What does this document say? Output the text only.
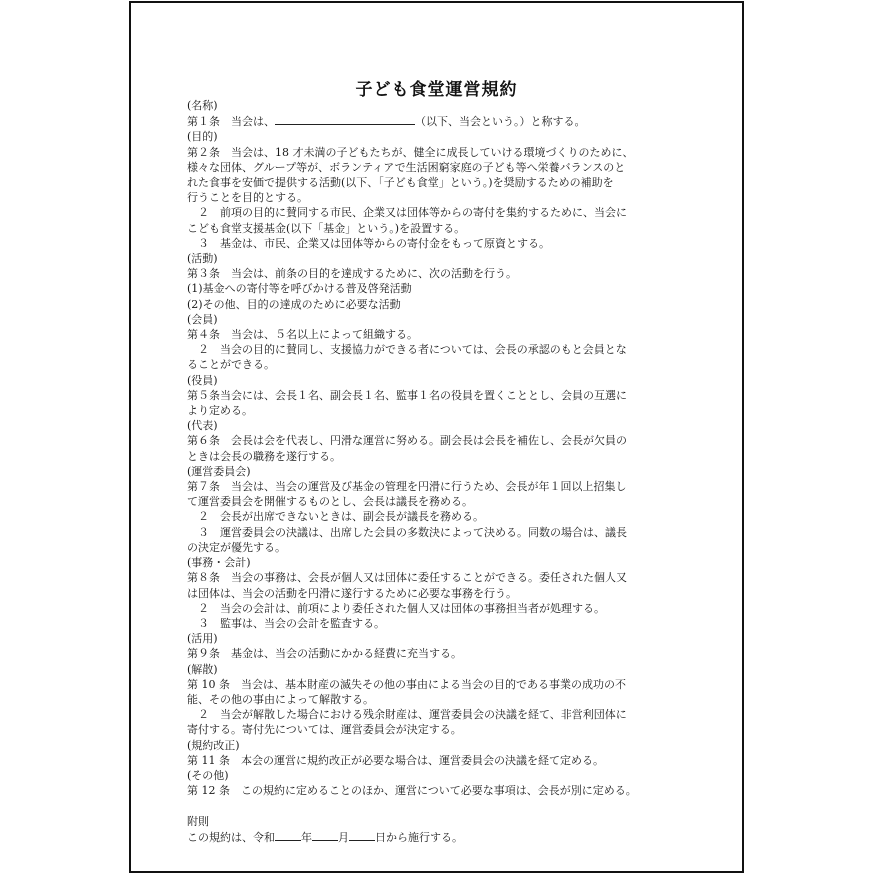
子ども食堂運営規約
(名称)
第１条　当会は、	（以下、当会という。）と称する。
(目的)
第２条　当会は、18 才未満の子どもたちが、健全に成長していける環境づくりのために、
様々な団体、グループ等が、ボランティアで生活困窮家庭の子ども等へ栄養バランスのと
れた食事を安価で提供する活動(以下、「子ども食堂」という。)を奨励するための補助を
行うことを目的とする。
　２　前項の目的に賛同する市民、企業又は団体等からの寄付を集約するために、当会に
こども食堂支援基金(以下「基金」という。)を設置する。
　３　基金は、市民、企業又は団体等からの寄付金をもって原資とする。
(活動)
第３条　当会は、前条の目的を達成するために、次の活動を行う。
(1)基金への寄付等を呼びかける普及啓発活動
(2)その他、目的の達成のために必要な活動
(会員)
第４条　当会は、５名以上によって組織する。
　２　当会の目的に賛同し、支援協力ができる者については、会長の承認のもと会員とな
ることができる。
(役員)
第５条当会には、会長１名、副会長１名、監事１名の役員を置くこととし、会員の互選に
より定める。
(代表)
第６条　会長は会を代表し、円滑な運営に努める。副会長は会長を補佐し、会長が欠員の
ときは会長の職務を遂行する。
(運営委員会)
第７条　当会は、当会の運営及び基金の管理を円滑に行うため、会長が年１回以上招集し
て運営委員会を開催するものとし、会長は議長を務める。
　２　会長が出席できないときは、副会長が議長を務める。
　３　運営委員会の決議は、出席した会員の多数決によって決める。同数の場合は、議長
の決定が優先する。
(事務・会計)
第８条　当会の事務は、会長が個人又は団体に委任することができる。委任された個人又
は団体は、当会の活動を円滑に遂行するために必要な事務を行う。
　２　当会の会計は、前項により委任された個人又は団体の事務担当者が処理する。
　３　監事は、当会の会計を監査する。
(活用)
第９条　基金は、当会の活動にかかる経費に充当する。
(解散)
第 10 条　当会は、基本財産の滅失その他の事由による当会の目的である事業の成功の不
能、その他の事由によって解散する。
　２　当会が解散した場合における残余財産は、運営委員会の決議を経て、非営利団体に
寄付する。寄付先については、運営委員会が決定する。
(規約改正)
第 11 条　本会の運営に規約改正が必要な場合は、運営委員会の決議を経て定める。
(その他)
第 12 条　この規約に定めることのほか、運営について必要な事項は、会長が別に定める。
附則
この規約は、令和 年 月 日から施行する。
